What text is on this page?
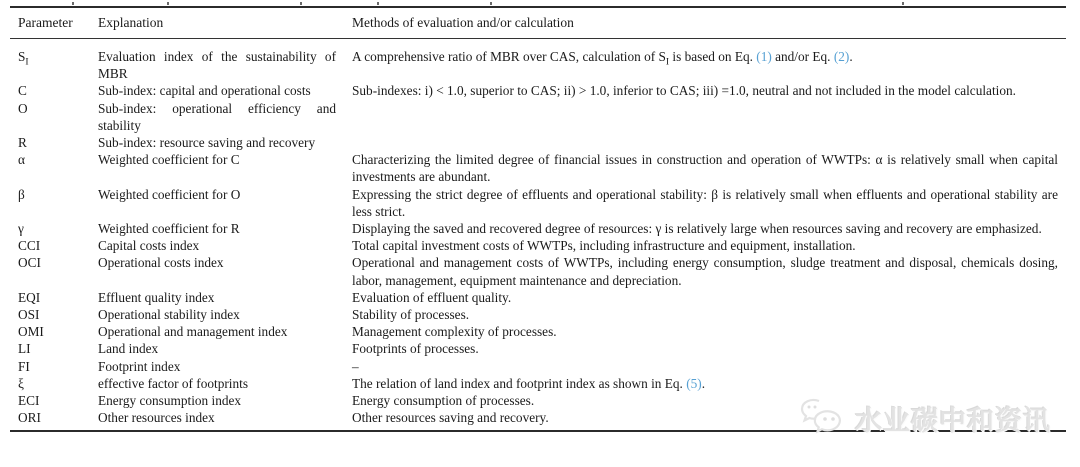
Parameter	Explanation	Methods of evaluation and/or calculation
$S_I$	Evaluation index of the sustainability of MBR	A comprehensive ratio of MBR over CAS, calculation of $S_I$ is based on Eq. (1) and/or Eq. (2).
C	Sub-index: capital and operational costs	Sub-indexes: i) < 1.0, superior to CAS; ii) > 1.0, inferior to CAS; iii) =1.0, neutral and not included in the model calculation.
O	Sub-index: operational efficiency and stability	
R	Sub-index: resource saving and recovery	
α	Weighted coefficient for C	Characterizing the limited degree of financial issues in construction and operation of WWTPs: α is relatively small when capital investments are abundant.
β	Weighted coefficient for O	Expressing the strict degree of effluents and operational stability: β is relatively small when effluents and operational stability are less strict.
γ	Weighted coefficient for R	Displaying the saved and recovered degree of resources: γ is relatively large when resources saving and recovery are emphasized.
CCI	Capital costs index	Total capital investment costs of WWTPs, including infrastructure and equipment, installation.
OCI	Operational costs index	Operational and management costs of WWTPs, including energy consumption, sludge treatment and disposal, chemicals dosing, labor, management, equipment maintenance and depreciation.
EQI	Effluent quality index	Evaluation of effluent quality.
OSI	Operational stability index	Stability of processes.
OMI	Operational and management index	Management complexity of processes.
LI	Land index	Footprints of processes.
FI	Footprint index	–
ξ	effective factor of footprints	The relation of land index and footprint index as shown in Eq. (5).
ECI	Energy consumption index	Energy consumption of processes.
ORI	Other resources index	Other resources saving and recovery.	水业碳中和资讯
